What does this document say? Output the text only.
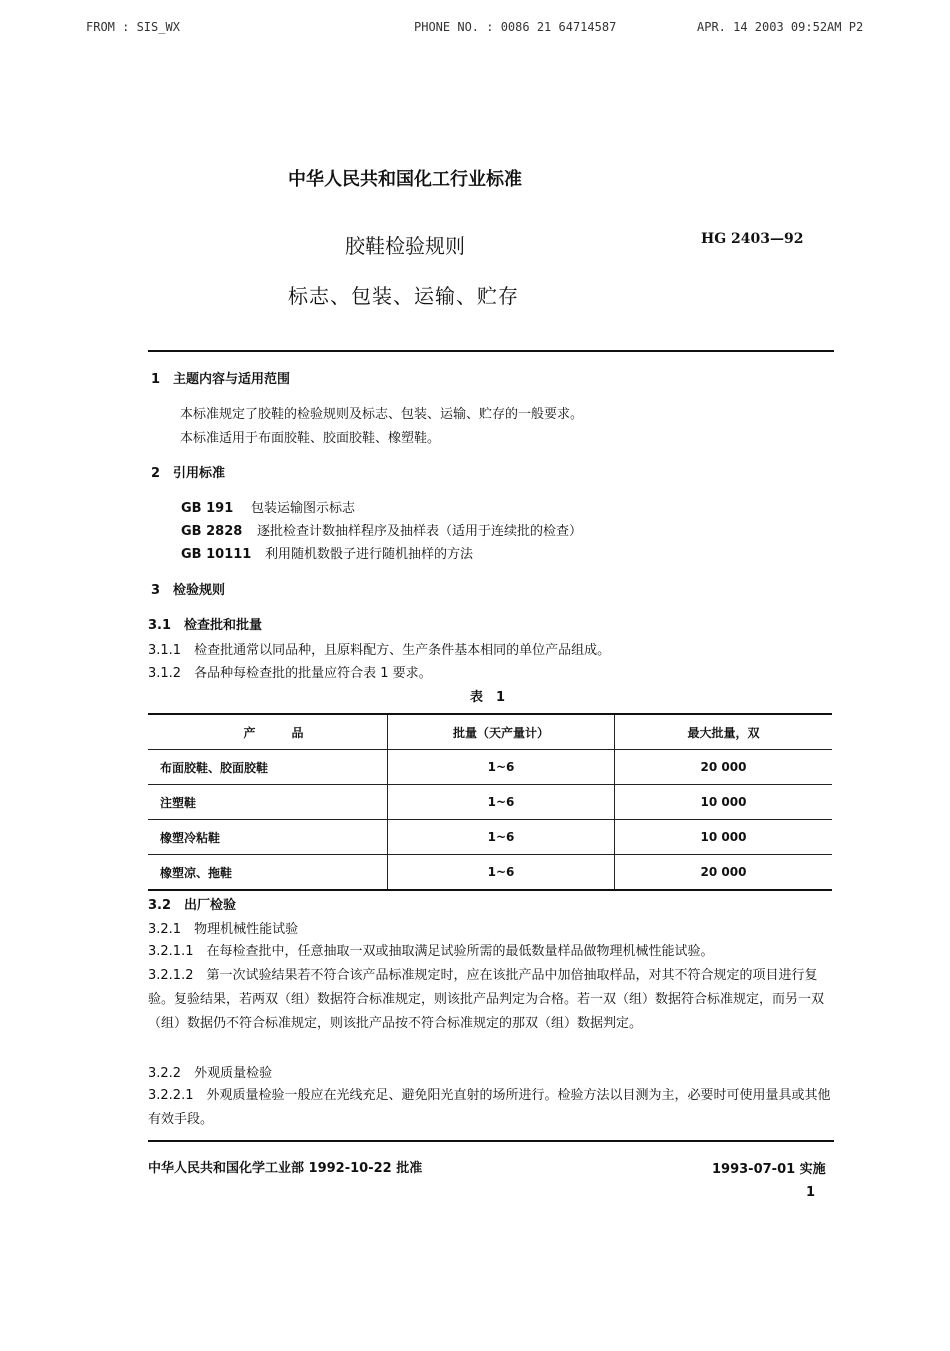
FROM : SIS_WX	PHONE NO. : 0086 21 64714587	APR. 14 2003 09:52AM P2
中华人民共和国化工行业标准
胶鞋检验规则	HG 2403—92
标志、包装、运输、贮存
1　主题内容与适用范围
本标准规定了胶鞋的检验规则及标志、包装、运输、贮存的一般要求。
本标准适用于布面胶鞋、胶面胶鞋、橡塑鞋。
2　引用标准
GB 191 包装运输图示标志
GB 2828 逐批检查计数抽样程序及抽样表（适用于连续批的检查）
GB 10111 利用随机数骰子进行随机抽样的方法
3　检验规则
3.1　检查批和批量
3.1.1　检查批通常以同品种，且原料配方、生产条件基本相同的单位产品组成。
3.1.2　各品种每检查批的批量应符合表 1 要求。
表　1
产　　　品	批量（天产量计）	最大批量，双
布面胶鞋、胶面胶鞋	1~6	20 000
注塑鞋	1~6	10 000
橡塑冷粘鞋	1~6	10 000
橡塑凉、拖鞋	1~6	20 000
3.2　出厂检验
3.2.1　物理机械性能试验
3.2.1.1　在每检查批中，任意抽取一双或抽取满足试验所需的最低数量样品做物理机械性能试验。
3.2.1.2　第一次试验结果若不符合该产品标准规定时，应在该批产品中加倍抽取样品，对其不符合规定的项目进行复验。复验结果，若两双（组）数据符合标准规定，则该批产品判定为合格。若一双（组）数据符合标准规定，而另一双（组）数据仍不符合标准规定，则该批产品按不符合标准规定的那双（组）数据判定。
3.2.2　外观质量检验
3.2.2.1　外观质量检验一般应在光线充足、避免阳光直射的场所进行。检验方法以目测为主，必要时可使用量具或其他有效手段。
中华人民共和国化学工业部 1992-10-22 批准	1993-07-01 实施
1
